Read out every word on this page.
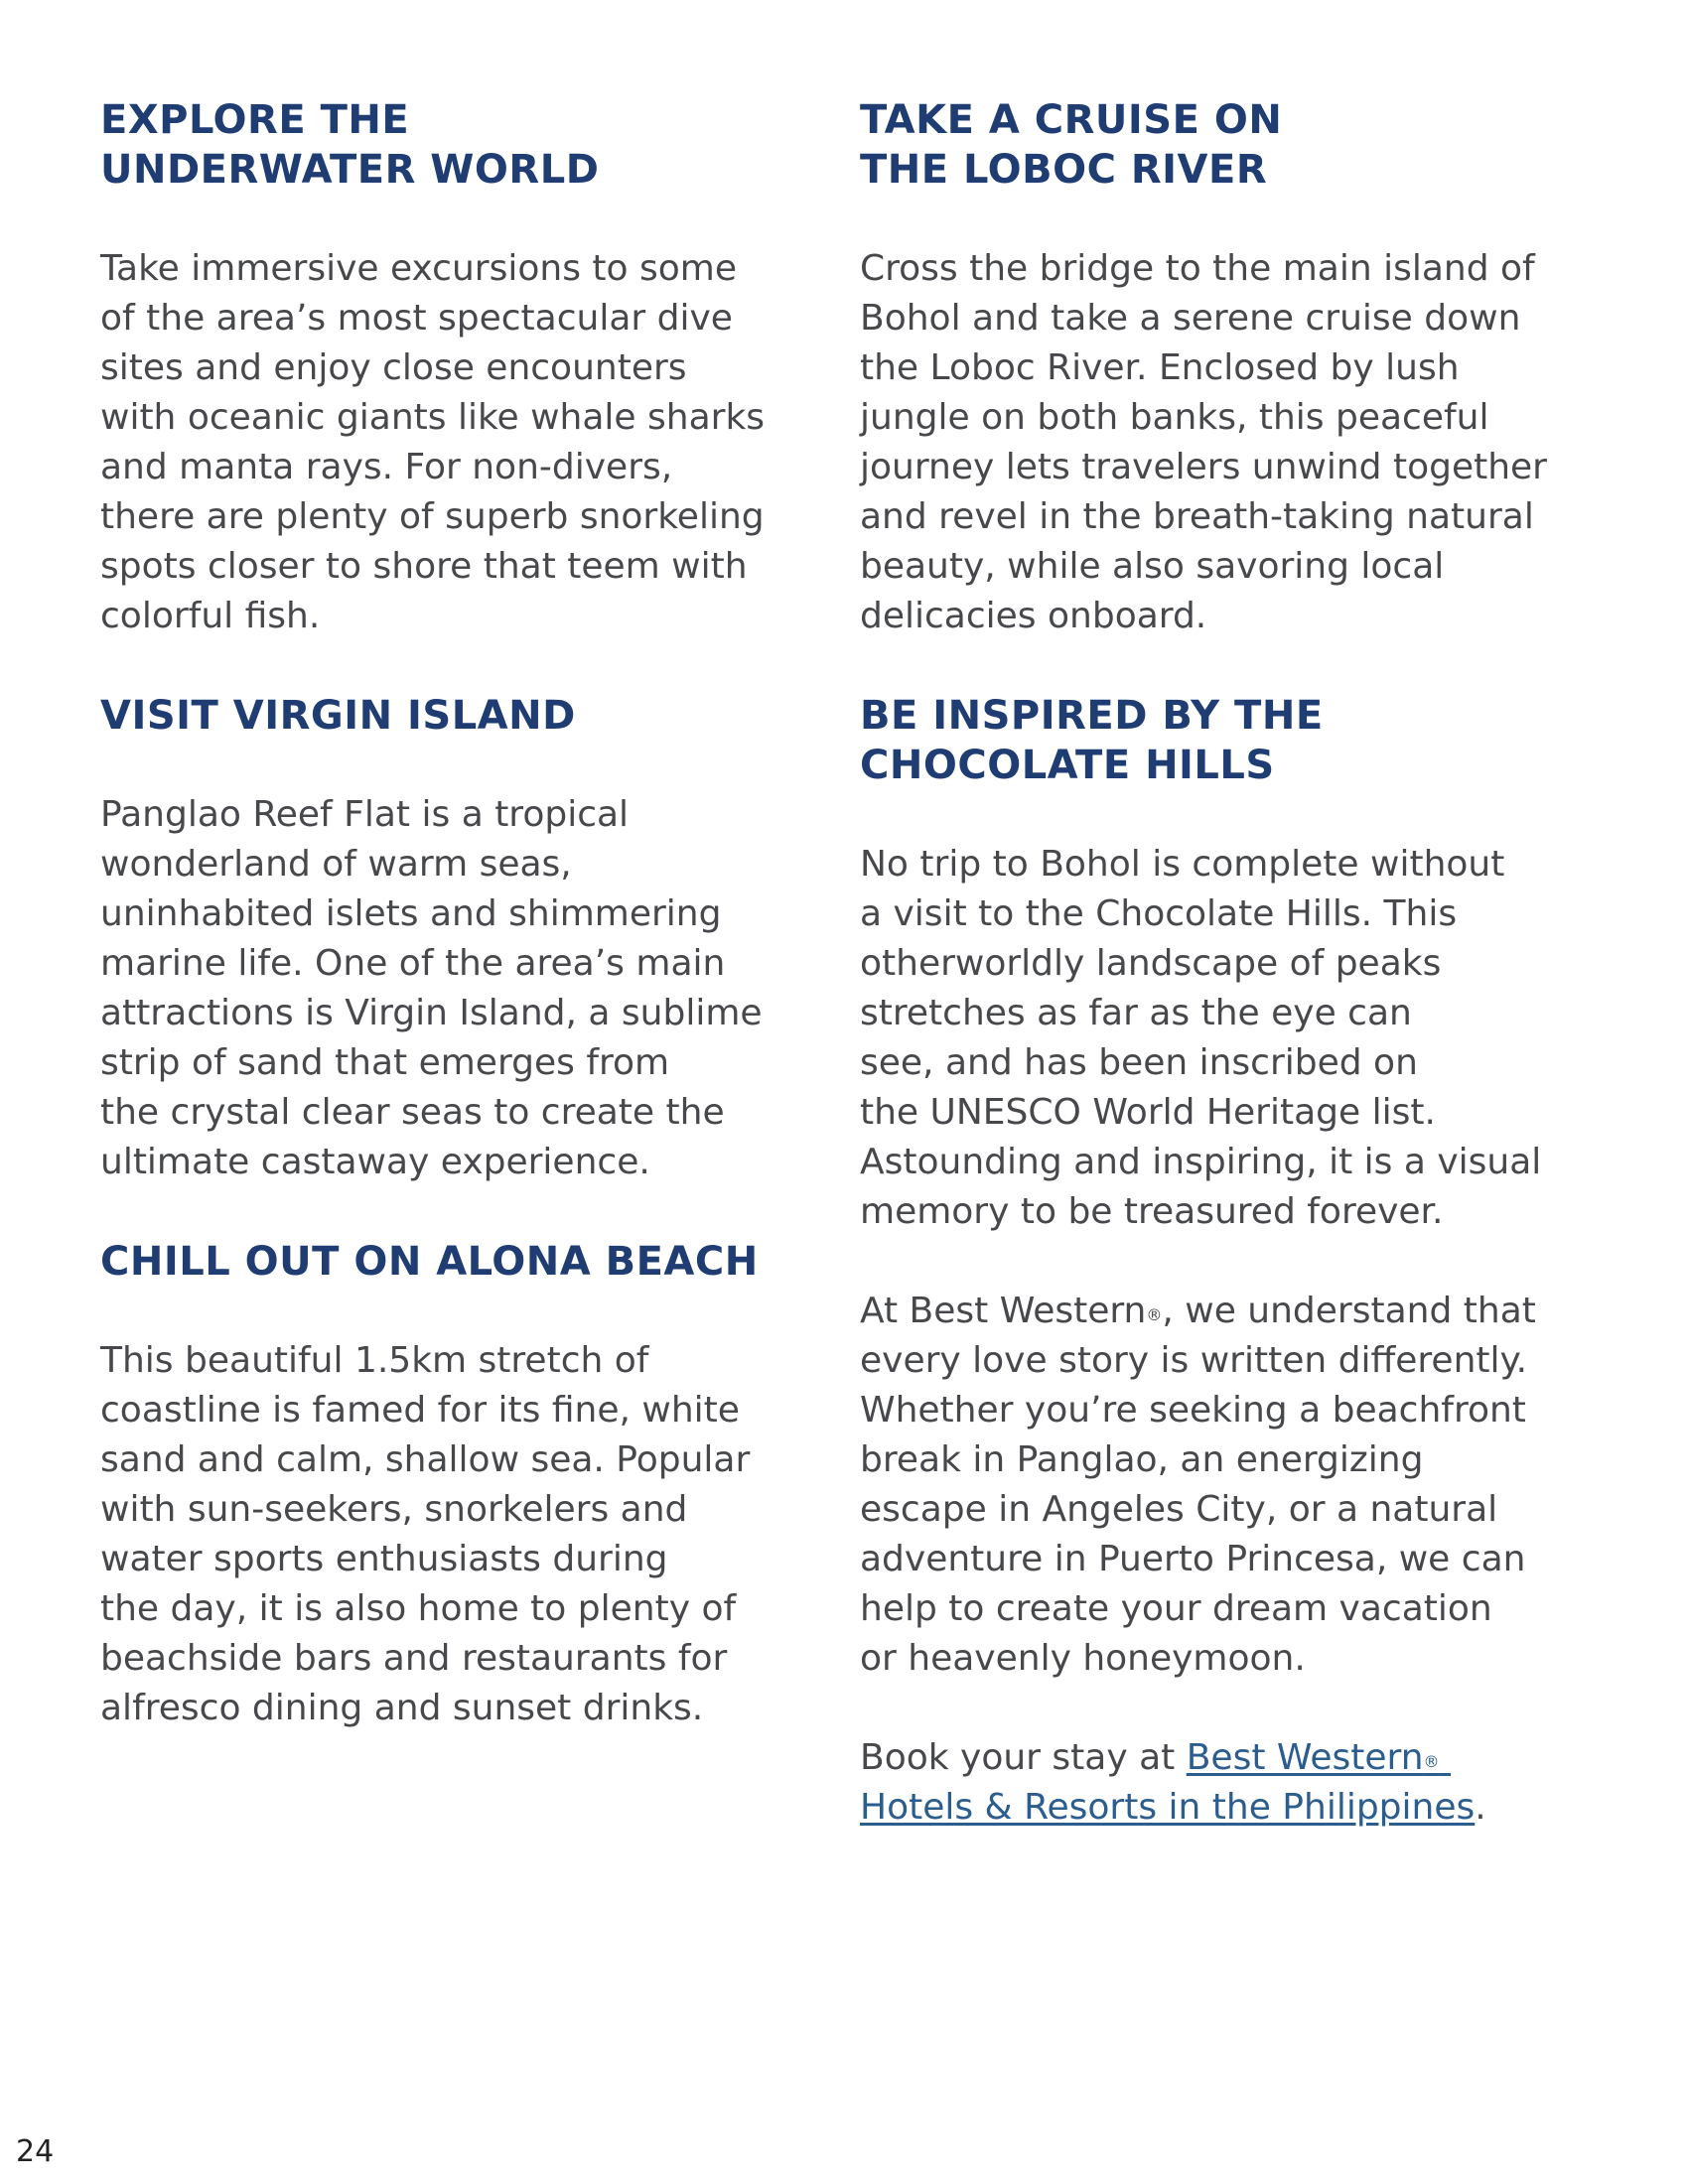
EXPLORE THE
UNDERWATER WORLD

Take immersive excursions to some
of the area’s most spectacular dive
sites and enjoy close encounters
with oceanic giants like whale sharks
and manta rays. For non-divers,
there are plenty of superb snorkeling
spots closer to shore that teem with
colorful fish.

VISIT VIRGIN ISLAND

Panglao Reef Flat is a tropical
wonderland of warm seas,
uninhabited islets and shimmering
marine life. One of the area’s main
attractions is Virgin Island, a sublime
strip of sand that emerges from
the crystal clear seas to create the
ultimate castaway experience.

CHILL OUT ON ALONA BEACH

This beautiful 1.5km stretch of
coastline is famed for its fine, white
sand and calm, shallow sea. Popular
with sun-seekers, snorkelers and
water sports enthusiasts during
the day, it is also home to plenty of
beachside bars and restaurants for
alfresco dining and sunset drinks.

TAKE A CRUISE ON
THE LOBOC RIVER

Cross the bridge to the main island of
Bohol and take a serene cruise down
the Loboc River. Enclosed by lush
jungle on both banks, this peaceful
journey lets travelers unwind together
and revel in the breath-taking natural
beauty, while also savoring local
delicacies onboard.

BE INSPIRED BY THE
CHOCOLATE HILLS

No trip to Bohol is complete without
a visit to the Chocolate Hills. This
otherworldly landscape of peaks
stretches as far as the eye can
see, and has been inscribed on
the UNESCO World Heritage list.
Astounding and inspiring, it is a visual
memory to be treasured forever.

At Best Western®, we understand that
every love story is written differently.
Whether you’re seeking a beachfront
break in Panglao, an energizing
escape in Angeles City, or a natural
adventure in Puerto Princesa, we can
help to create your dream vacation
or heavenly honeymoon.

Book your stay at Best Western®
Hotels & Resorts in the Philippines.

24
